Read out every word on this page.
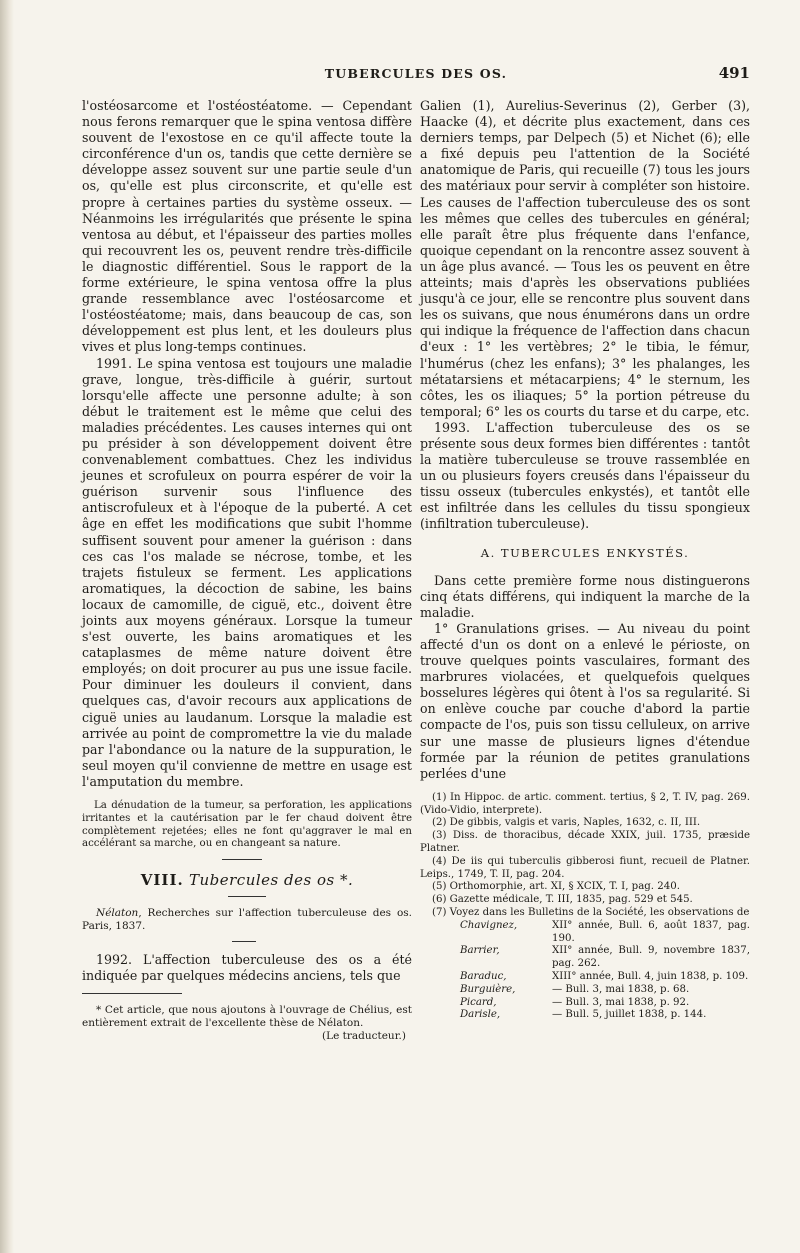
TUBERCULES DES OS.	491

l'ostéosarcome et l'ostéostéatome. — Cependant nous ferons remarquer que le spina ventosa diffère souvent de l'exostose en ce qu'il affecte toute la circonférence d'un os, tandis que cette dernière se développe assez souvent sur une partie seule d'un os, qu'elle est plus circonscrite, et qu'elle est propre à certaines parties du système osseux. — Néanmoins les irrégularités que présente le spina ventosa au début, et l'épaisseur des parties molles qui recouvrent les os, peuvent rendre très-difficile le diagnostic différentiel. Sous le rapport de la forme extérieure, le spina ventosa offre la plus grande ressemblance avec l'ostéosarcome et l'ostéostéatome; mais, dans beaucoup de cas, son développement est plus lent, et les douleurs plus vives et plus long-temps continues.

1991. Le spina ventosa est toujours une maladie grave, longue, très-difficile à guérir, surtout lorsqu'elle affecte une personne adulte; à son début le traitement est le même que celui des maladies précédentes. Les causes internes qui ont pu présider à son développement doivent être convenablement combattues. Chez les individus jeunes et scrofuleux on pourra espérer de voir la guérison survenir sous l'influence des antiscrofuleux et à l'époque de la puberté. A cet âge en effet les modifications que subit l'homme suffisent souvent pour amener la guérison : dans ces cas l'os malade se nécrose, tombe, et les trajets fistuleux se ferment. Les applications aromatiques, la décoction de sabine, les bains locaux de camomille, de ciguë, etc., doivent être joints aux moyens généraux. Lorsque la tumeur s'est ouverte, les bains aromatiques et les cataplasmes de même nature doivent être employés; on doit procurer au pus une issue facile. Pour diminuer les douleurs il convient, dans quelques cas, d'avoir recours aux applications de ciguë unies au laudanum. Lorsque la maladie est arrivée au point de compromettre la vie du malade par l'abondance ou la nature de la suppuration, le seul moyen qu'il convienne de mettre en usage est l'amputation du membre.

La dénudation de la tumeur, sa perforation, les applications irritantes et la cautérisation par le fer chaud doivent être complètement rejetées; elles ne font qu'aggraver le mal en accélérant sa marche, ou en changeant sa nature.

VIII. Tubercules des os *.
Nélaton, Recherches sur l'affection tuberculeuse des os. Paris, 1837.

1992. L'affection tuberculeuse des os a été indiquée par quelques médecins anciens, tels que

* Cet article, que nous ajoutons à l'ouvrage de Chélius, est entièrement extrait de l'excellente thèse de Nélaton.
(Le traducteur.)

Galien (1), Aurelius-Severinus (2), Gerber (3), Haacke (4), et décrite plus exactement, dans ces derniers temps, par Delpech (5) et Nichet (6); elle a fixé depuis peu l'attention de la Société anatomique de Paris, qui recueille (7) tous les jours des matériaux pour servir à compléter son histoire. Les causes de l'affection tuberculeuse des os sont les mêmes que celles des tubercules en général; elle paraît être plus fréquente dans l'enfance, quoique cependant on la rencontre assez souvent à un âge plus avancé. — Tous les os peuvent en être atteints; mais d'après les observations publiées jusqu'à ce jour, elle se rencontre plus souvent dans les os suivans, que nous énumérons dans un ordre qui indique la fréquence de l'affection dans chacun d'eux : 1° les vertèbres; 2° le tibia, le fémur, l'humérus (chez les enfans); 3° les phalanges, les métatarsiens et métacarpiens; 4° le sternum, les côtes, les os iliaques; 5° la portion pétreuse du temporal; 6° les os courts du tarse et du carpe, etc.

1993. L'affection tuberculeuse des os se présente sous deux formes bien différentes : tantôt la matière tuberculeuse se trouve rassemblée en un ou plusieurs foyers creusés dans l'épaisseur du tissu osseux (tubercules enkystés), et tantôt elle est infiltrée dans les cellules du tissu spongieux (infiltration tuberculeuse).

A. TUBERCULES ENKYSTÉS.

Dans cette première forme nous distinguerons cinq états différens, qui indiquent la marche de la maladie.

1° Granulations grises. — Au niveau du point affecté d'un os dont on a enlevé le périoste, on trouve quelques points vasculaires, formant des marbrures violacées, et quelquefois quelques bosselures légères qui ôtent à l'os sa regularité. Si on enlève couche par couche d'abord la partie compacte de l'os, puis son tissu celluleux, on arrive sur une masse de plusieurs lignes d'étendue formée par la réunion de petites granulations perlées d'une

(1) In Hippoc. de artic. comment. tertius, § 2, T. IV, pag. 269. (Vido-Vidio, interprete).

(2) De gibbis, valgis et varis, Naples, 1632, c. II, III.

(3) Diss. de thoracibus, décade XXIX, juil. 1735, præside Platner.

(4) De iis qui tuberculis gibberosi fiunt, recueil de Platner. Leips., 1749, T. II, pag. 204.

(5) Orthomorphie, art. XI, § XCIX, T. I, pag. 240.

(6) Gazette médicale, T. III, 1835, pag. 529 et 545.

(7) Voyez dans les Bulletins de la Société, les observations de

Chavignez,	XII° année, Bull. 6, août 1837, pag. 190.
Barrier,	XII° année, Bull. 9, novembre 1837, pag. 262.
Baraduc,	XIII° année, Bull. 4, juin 1838, p. 109.
Burguière,	— Bull. 3, mai 1838, p. 68.
Picard,	— Bull. 3, mai 1838, p. 92.
Darisle,	— Bull. 5, juillet 1838, p. 144.
